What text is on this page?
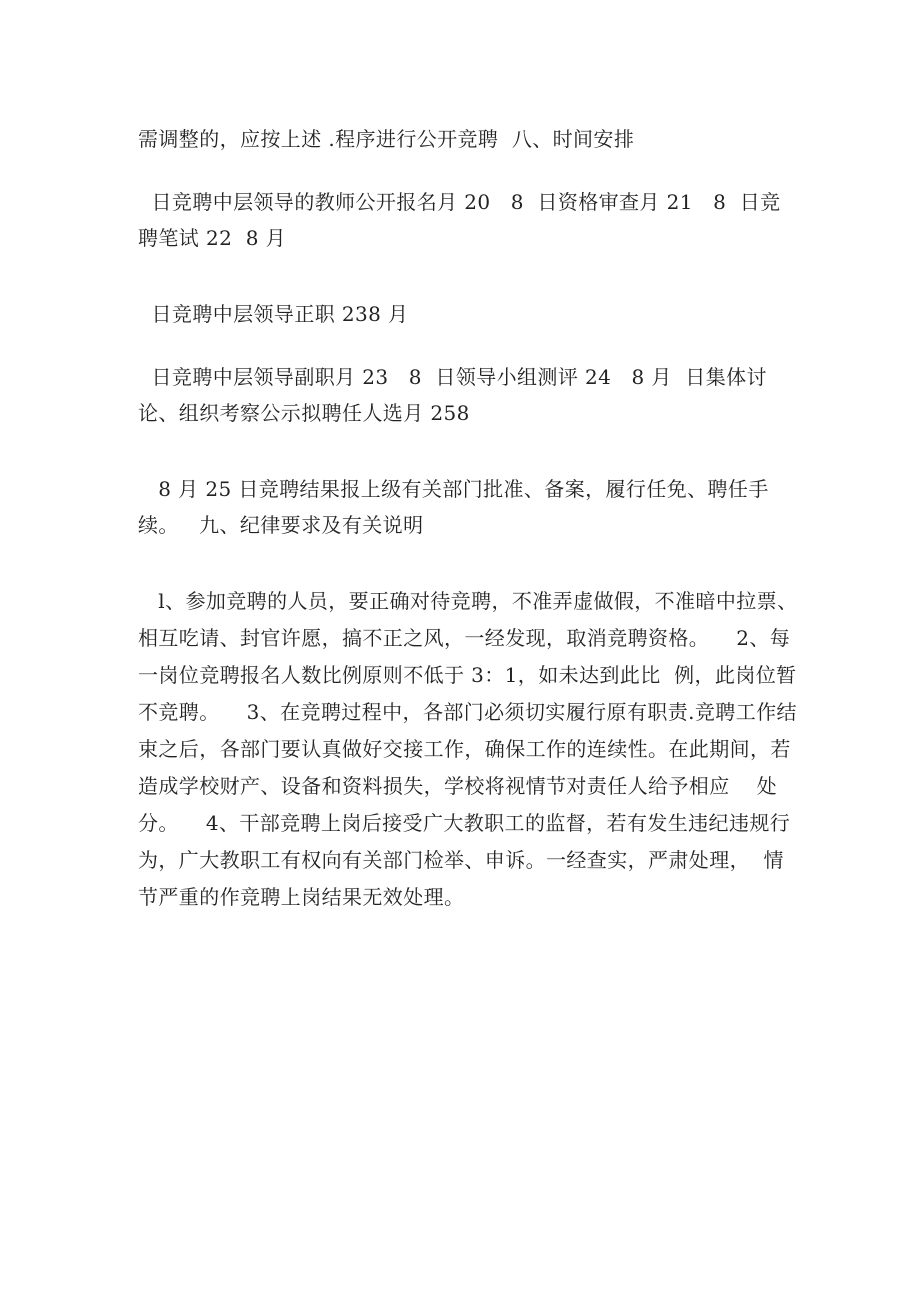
需调整的，应按上述 .程序进行公开竞聘  八、时间安排

日竞聘中层领导的教师公开报名月 20   8  日资格审查月 21   8  日竞聘笔试 22  8 月

日竞聘中层领导正职 238 月

日竞聘中层领导副职月 23   8  日领导小组测评 24   8 月  日集体讨论、组织考察公示拟聘任人选月 258

8 月 25 日竞聘结果报上级有关部门批准、备案，履行任免、聘任手续。   九、纪律要求及有关说明

l、参加竞聘的人员，要正确对待竞聘，不准弄虚做假，不准暗中拉票、相互吃请、封官许愿，搞不正之风，一经发现，取消竞聘资格。    2、每一岗位竞聘报名人数比例原则不低于 3：1，如未达到此比  例，此岗位暂不竞聘。    3、在竞聘过程中，各部门必须切实履行原有职责.竞聘工作结束之后，各部门要认真做好交接工作，确保工作的连续性。在此期间，若造成学校财产、设备和资料损失，学校将视情节对责任人给予相应    处分。    4、干部竞聘上岗后接受广大教职工的监督，若有发生违纪违规行为，广大教职工有权向有关部门检举、申诉。一经查实，严肃处理，  情节严重的作竞聘上岗结果无效处理。
